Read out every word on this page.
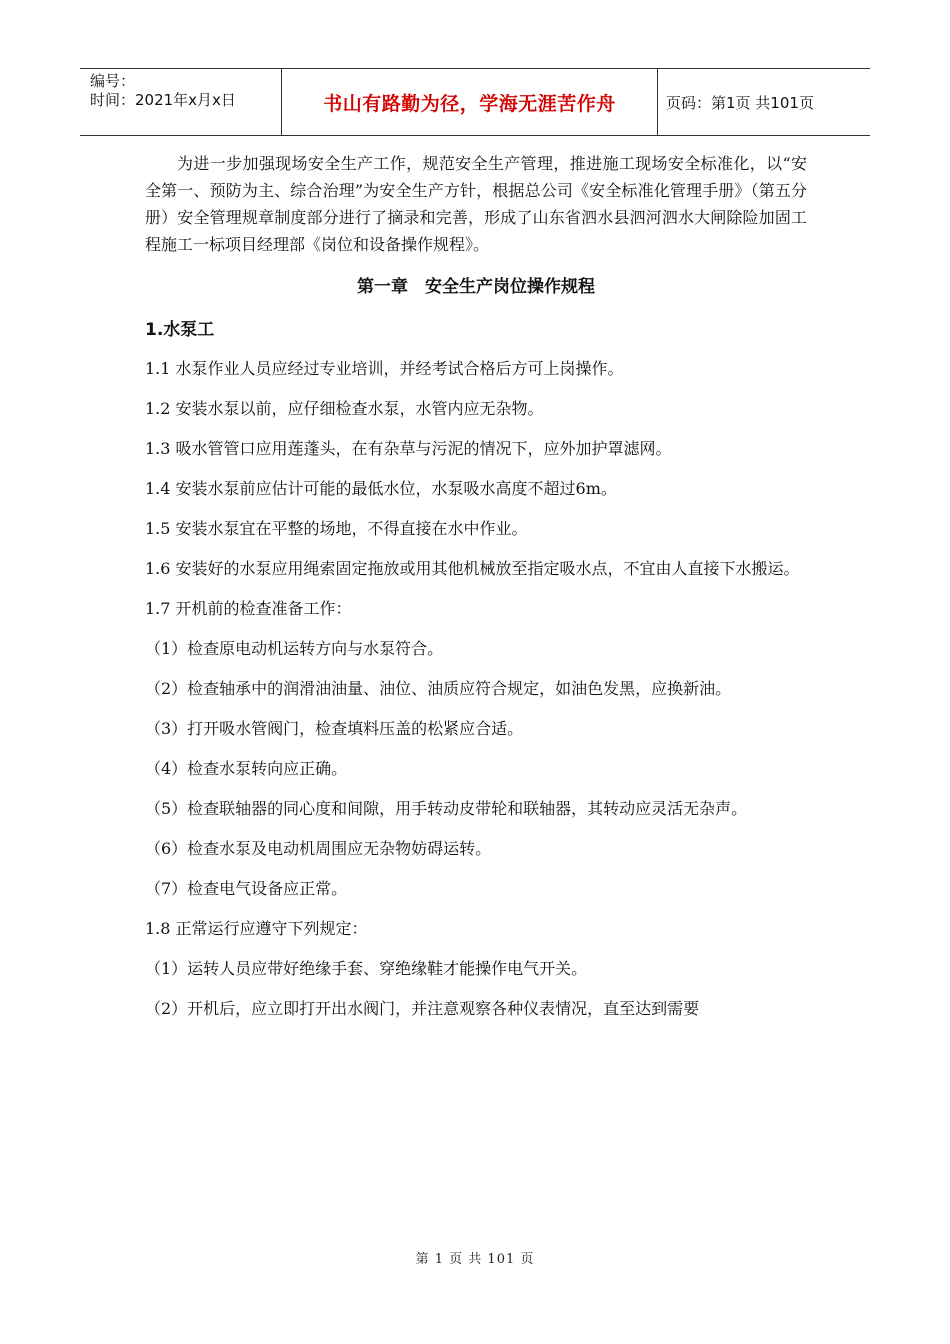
编号：
时间：2021年x月x日	书山有路勤为径，学海无涯苦作舟	页码：第1页 共101页

为进一步加强现场安全生产工作，规范安全生产管理，推进施工现场安全标准化，以“安全第一、预防为主、综合治理”为安全生产方针，根据总公司《安全标准化管理手册》（第五分册）安全管理规章制度部分进行了摘录和完善，形成了山东省泗水县泗河泗水大闸除险加固工程施工一标项目经理部《岗位和设备操作规程》。

第一章　安全生产岗位操作规程

1.水泵工

1.1 水泵作业人员应经过专业培训，并经考试合格后方可上岗操作。

1.2 安装水泵以前，应仔细检查水泵，水管内应无杂物。

1.3 吸水管管口应用莲蓬头，在有杂草与污泥的情况下，应外加护罩滤网。

1.4 安装水泵前应估计可能的最低水位，水泵吸水高度不超过6m。

1.5 安装水泵宜在平整的场地，不得直接在水中作业。

1.6 安装好的水泵应用绳索固定拖放或用其他机械放至指定吸水点，不宜由人直接下水搬运。

1.7 开机前的检查准备工作：

（1）检查原电动机运转方向与水泵符合。

（2）检查轴承中的润滑油油量、油位、油质应符合规定，如油色发黑，应换新油。

（3）打开吸水管阀门，检查填料压盖的松紧应合适。

（4）检查水泵转向应正确。

（5）检查联轴器的同心度和间隙，用手转动皮带轮和联轴器，其转动应灵活无杂声。

（6）检查水泵及电动机周围应无杂物妨碍运转。

（7）检查电气设备应正常。

1.8 正常运行应遵守下列规定：

（1）运转人员应带好绝缘手套、穿绝缘鞋才能操作电气开关。

（2）开机后，应立即打开出水阀门，并注意观察各种仪表情况，直至达到需要

第 1 页 共 101 页
